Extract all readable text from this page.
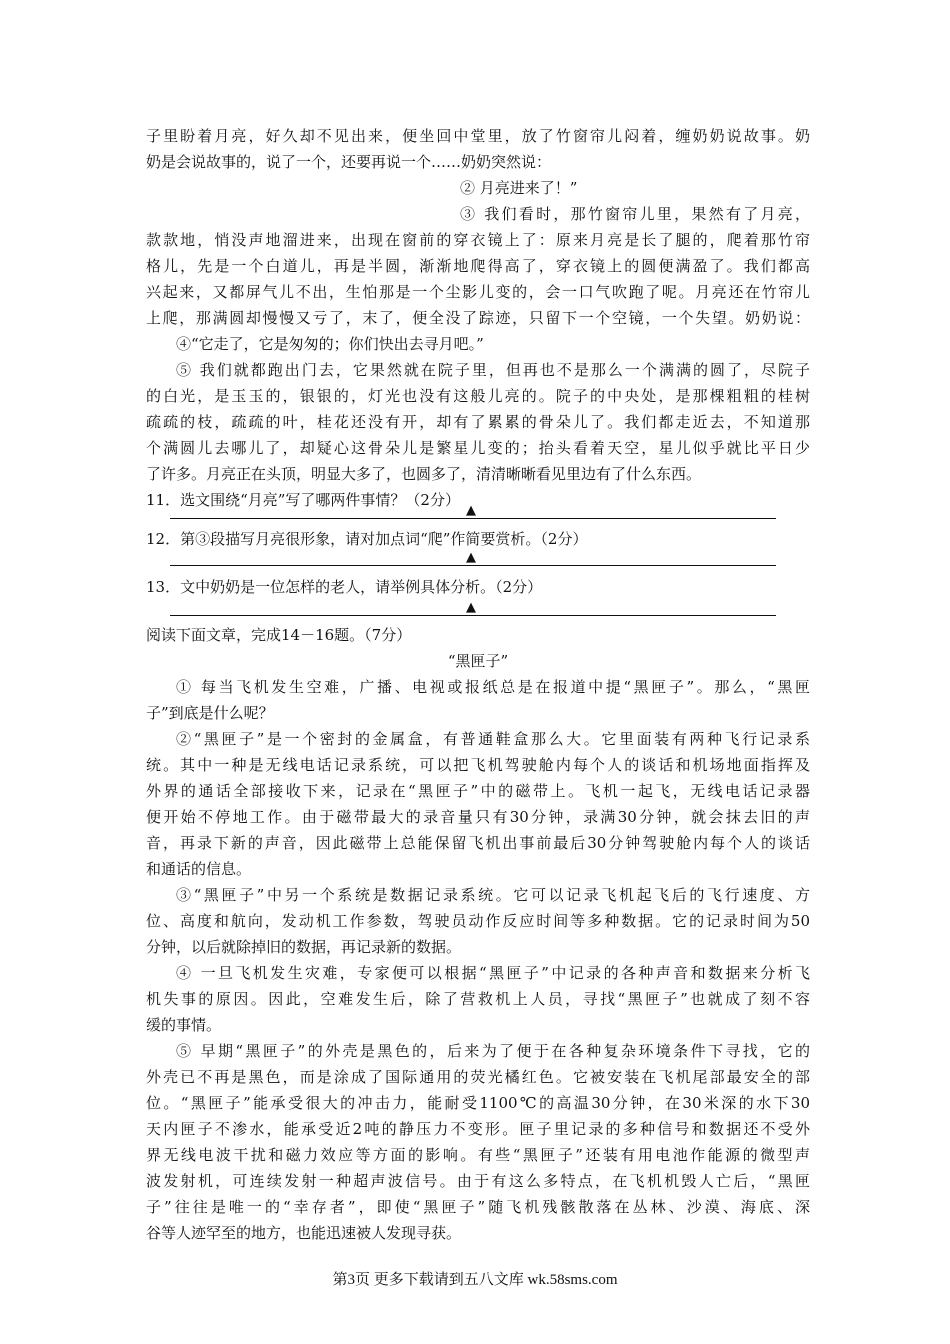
子里盼着月亮，好久却不见出来，便坐回中堂里，放了竹窗帘儿闷着，缠奶奶说故事。奶
奶是会说故事的，说了一个，还要再说一个……奶奶突然说：
② 月亮进来了！”
③ 我们看时，那竹窗帘儿里，果然有了月亮，
款款地，悄没声地溜进来，出现在窗前的穿衣镜上了：原来月亮是长了腿的，爬着那竹帘
格儿，先是一个白道儿，再是半圆，渐渐地爬得高了，穿衣镜上的圆便满盈了。我们都高
兴起来，又都屏气儿不出，生怕那是一个尘影儿变的，会一口气吹跑了呢。月亮还在竹帘儿
上爬，那满圆却慢慢又亏了，末了，便全没了踪迹，只留下一个空镜，一个失望。奶奶说：
④“它走了，它是匆匆的；你们快出去寻月吧。”
⑤ 我们就都跑出门去，它果然就在院子里，但再也不是那么一个满满的圆了，尽院子
的白光，是玉玉的，银银的，灯光也没有这般儿亮的。院子的中央处，是那棵粗粗的桂树
疏疏的枝，疏疏的叶，桂花还没有开，却有了累累的骨朵儿了。我们都走近去，不知道那
个满圆儿去哪儿了，却疑心这骨朵儿是繁星儿变的；抬头看着天空，星儿似乎就比平日少
了许多。月亮正在头顶，明显大多了，也圆多了，清清晰晰看见里边有了什么东西。
11．选文围绕“月亮”写了哪两件事情？（2分）
▲
12．第③段描写月亮很形象，请对加点词“爬”作简要赏析。（2分）
▲
13．文中奶奶是一位怎样的老人，请举例具体分析。（2分）
▲
阅读下面文章，完成14－16题。（7分）
“黑匣子”
① 每当飞机发生空难，广播、电视或报纸总是在报道中提“黑匣子”。那么，“黑匣
子”到底是什么呢？
②“黑匣子”是一个密封的金属盒，有普通鞋盒那么大。它里面装有两种飞行记录系
统。其中一种是无线电话记录系统，可以把飞机驾驶舱内每个人的谈话和机场地面指挥及
外界的通话全部接收下来，记录在“黑匣子”中的磁带上。飞机一起飞，无线电话记录器
便开始不停地工作。由于磁带最大的录音量只有30分钟，录满30分钟，就会抹去旧的声
音，再录下新的声音，因此磁带上总能保留飞机出事前最后30分钟驾驶舱内每个人的谈话
和通话的信息。
③“黑匣子”中另一个系统是数据记录系统。它可以记录飞机起飞后的飞行速度、方
位、高度和航向，发动机工作参数，驾驶员动作反应时间等多种数据。它的记录时间为50
分钟，以后就除掉旧的数据，再记录新的数据。
④ 一旦飞机发生灾难，专家便可以根据“黑匣子”中记录的各种声音和数据来分析飞
机失事的原因。因此，空难发生后，除了营救机上人员，寻找“黑匣子”也就成了刻不容
缓的事情。
⑤ 早期“黑匣子”的外壳是黑色的，后来为了便于在各种复杂环境条件下寻找，它的
外壳已不再是黑色，而是涂成了国际通用的荧光橘红色。它被安装在飞机尾部最安全的部
位。“黑匣子”能承受很大的冲击力，能耐受1100℃的高温30分钟，在30米深的水下30
天内匣子不渗水，能承受近2吨的静压力不变形。匣子里记录的多种信号和数据还不受外
界无线电波干扰和磁力效应等方面的影响。有些“黑匣子”还装有用电池作能源的微型声
波发射机，可连续发射一种超声波信号。由于有这么多特点，在飞机机毁人亡后，“黑匣
子”往往是唯一的“幸存者”，即使“黑匣子”随飞机残骸散落在丛林、沙漠、海底、深
谷等人迹罕至的地方，也能迅速被人发现寻获。
第3页 更多下载请到五八文库 wk.58sms.com
